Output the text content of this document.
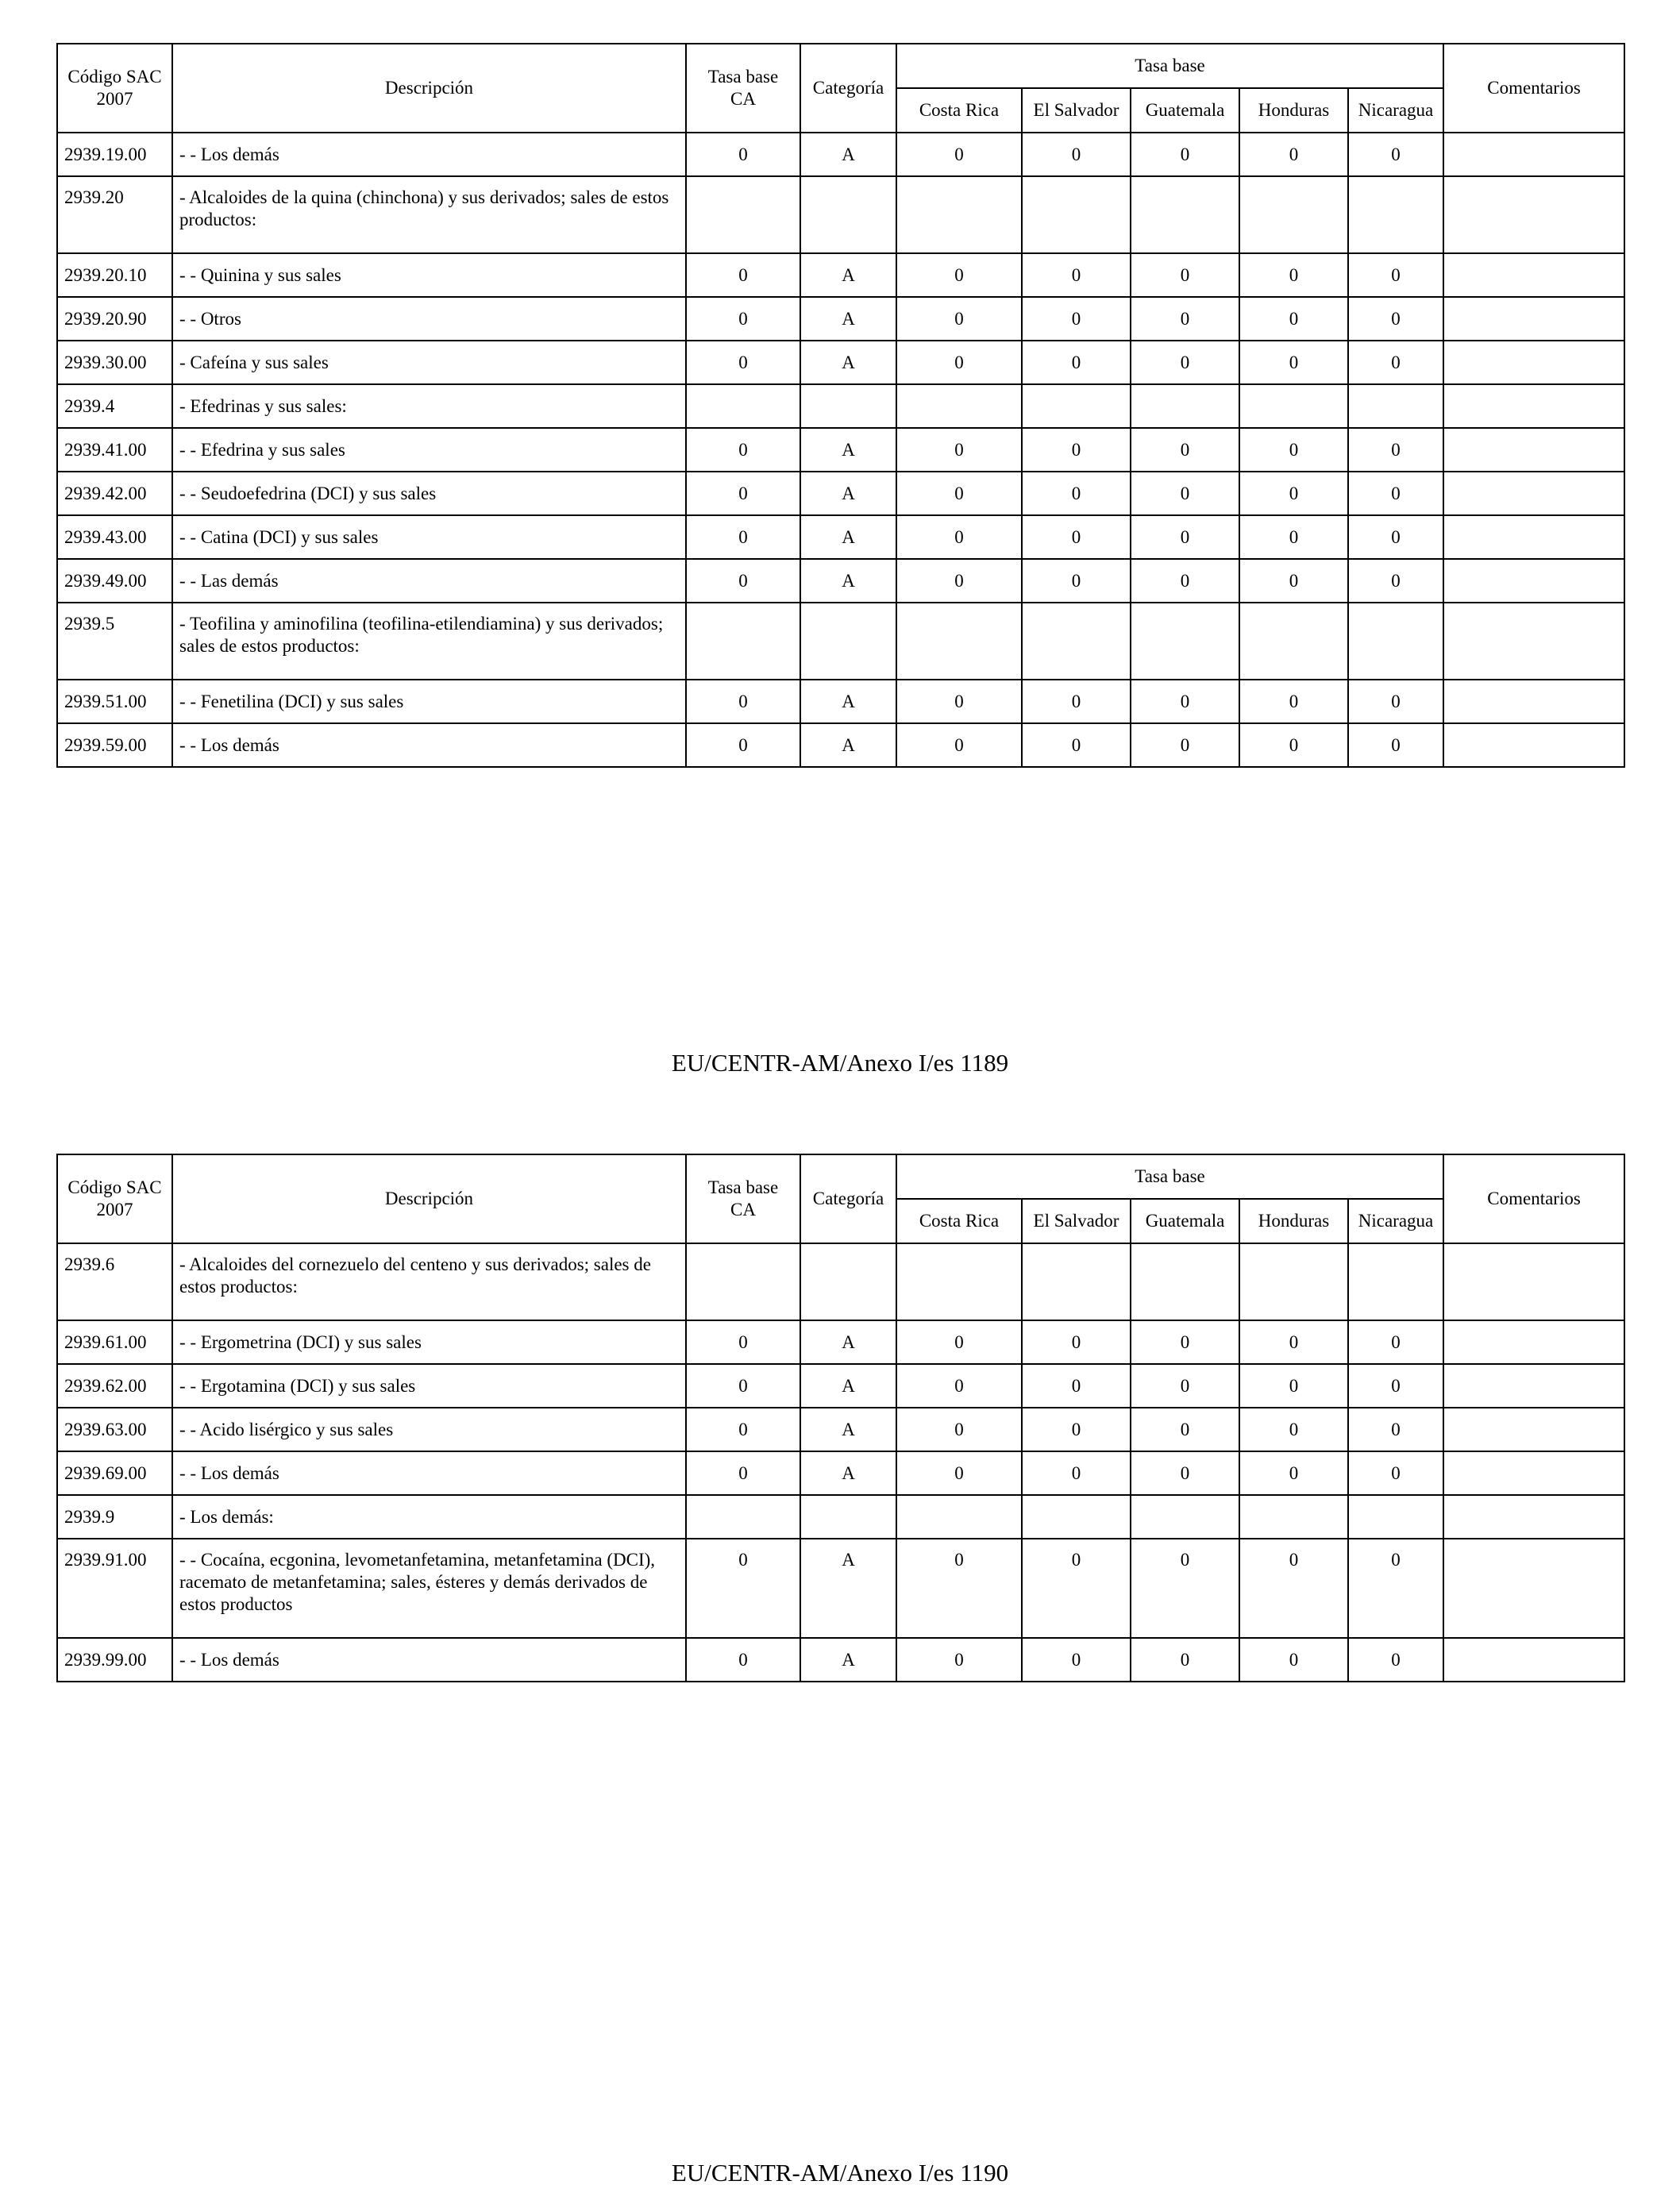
Código SAC 2007	Descripción	Tasa base CA	Categoría	Tasa base					Comentarios
				Costa Rica	El Salvador	Guatemala	Honduras	Nicaragua	
2939.19.00	- - Los demás	0	A	0	0	0	0	0	
2939.20	- Alcaloides de la quina (chinchona) y sus derivados; sales de estos productos:								
2939.20.10	- - Quinina y sus sales	0	A	0	0	0	0	0	
2939.20.90	- - Otros	0	A	0	0	0	0	0	
2939.30.00	- Cafeína y sus sales	0	A	0	0	0	0	0	
2939.4	- Efedrinas y sus sales:								
2939.41.00	- - Efedrina y sus sales	0	A	0	0	0	0	0	
2939.42.00	- - Seudoefedrina (DCI) y sus sales	0	A	0	0	0	0	0	
2939.43.00	- - Catina (DCI) y sus sales	0	A	0	0	0	0	0	
2939.49.00	- - Las demás	0	A	0	0	0	0	0	
2939.5	- Teofilina y aminofilina (teofilina-etilendiamina) y sus derivados; sales de estos productos:								
2939.51.00	- - Fenetilina (DCI) y sus sales	0	A	0	0	0	0	0	
2939.59.00	- - Los demás	0	A	0	0	0	0	0	
EU/CENTR-AM/Anexo I/es 1189
Código SAC 2007	Descripción	Tasa base CA	Categoría	Tasa base					Comentarios
				Costa Rica	El Salvador	Guatemala	Honduras	Nicaragua	
2939.6	- Alcaloides del cornezuelo del centeno y sus derivados; sales de estos productos:								
2939.61.00	- - Ergometrina (DCI) y sus sales	0	A	0	0	0	0	0	
2939.62.00	- - Ergotamina (DCI) y sus sales	0	A	0	0	0	0	0	
2939.63.00	- - Acido lisérgico y sus sales	0	A	0	0	0	0	0	
2939.69.00	- - Los demás	0	A	0	0	0	0	0	
2939.9	- Los demás:								
2939.91.00	- - Cocaína, ecgonina, levometanfetamina, metanfetamina (DCI), racemato de metanfetamina; sales, ésteres y demás derivados de estos productos	0	A	0	0	0	0	0	
2939.99.00	- - Los demás	0	A	0	0	0	0	0	
EU/CENTR-AM/Anexo I/es 1190
